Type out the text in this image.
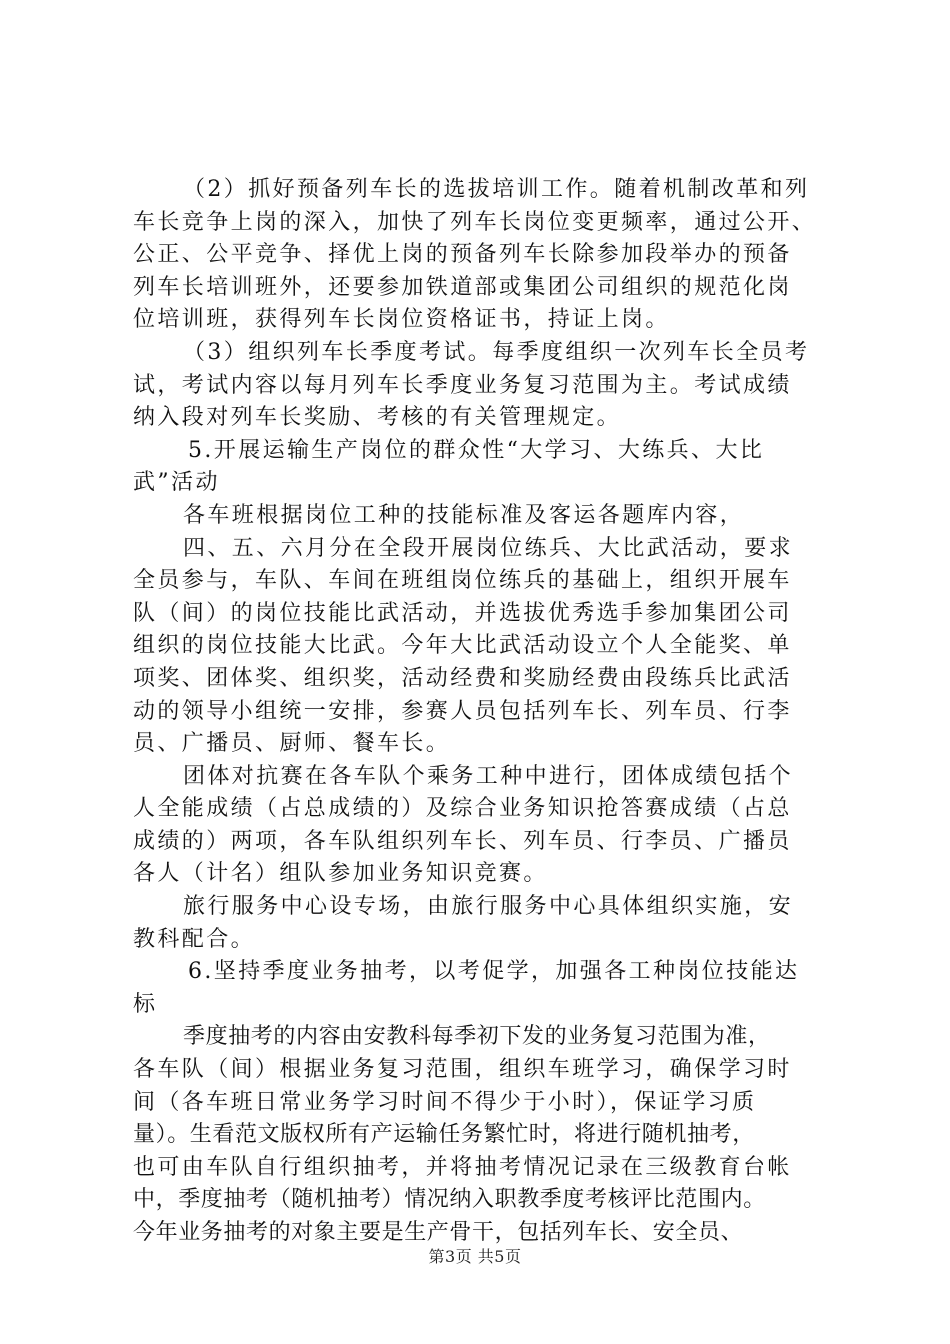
（2）抓好预备列车长的选拔培训工作。随着机制改革和列
车长竞争上岗的深入，加快了列车长岗位变更频率，通过公开、
公正、公平竞争、择优上岗的预备列车长除参加段举办的预备
列车长培训班外，还要参加铁道部或集团公司组织的规范化岗
位培训班，获得列车长岗位资格证书，持证上岗。
（3）组织列车长季度考试。每季度组织一次列车长全员考
试，考试内容以每月列车长季度业务复习范围为主。考试成绩
纳入段对列车长奖励、考核的有关管理规定。
5.开展运输生产岗位的群众性“大学习、大练兵、大比
武”活动
各车班根据岗位工种的技能标准及客运各题库内容，
四、五、六月分在全段开展岗位练兵、大比武活动，要求
全员参与，车队、车间在班组岗位练兵的基础上，组织开展车
队（间）的岗位技能比武活动，并选拔优秀选手参加集团公司
组织的岗位技能大比武。今年大比武活动设立个人全能奖、单
项奖、团体奖、组织奖，活动经费和奖励经费由段练兵比武活
动的领导小组统一安排，参赛人员包括列车长、列车员、行李
员、广播员、厨师、餐车长。
团体对抗赛在各车队个乘务工种中进行，团体成绩包括个
人全能成绩（占总成绩的）及综合业务知识抢答赛成绩（占总
成绩的）两项，各车队组织列车长、列车员、行李员、广播员
各人（计名）组队参加业务知识竞赛。
旅行服务中心设专场，由旅行服务中心具体组织实施，安
教科配合。
6.坚持季度业务抽考，以考促学，加强各工种岗位技能达
标
季度抽考的内容由安教科每季初下发的业务复习范围为准，
各车队（间）根据业务复习范围，组织车班学习，确保学习时
间（各车班日常业务学习时间不得少于小时），保证学习质
量）。生看范文版权所有产运输任务繁忙时，将进行随机抽考，
也可由车队自行组织抽考，并将抽考情况记录在三级教育台帐
中，季度抽考（随机抽考）情况纳入职教季度考核评比范围内。
今年业务抽考的对象主要是生产骨干，包括列车长、安全员、
第3页 共5页
